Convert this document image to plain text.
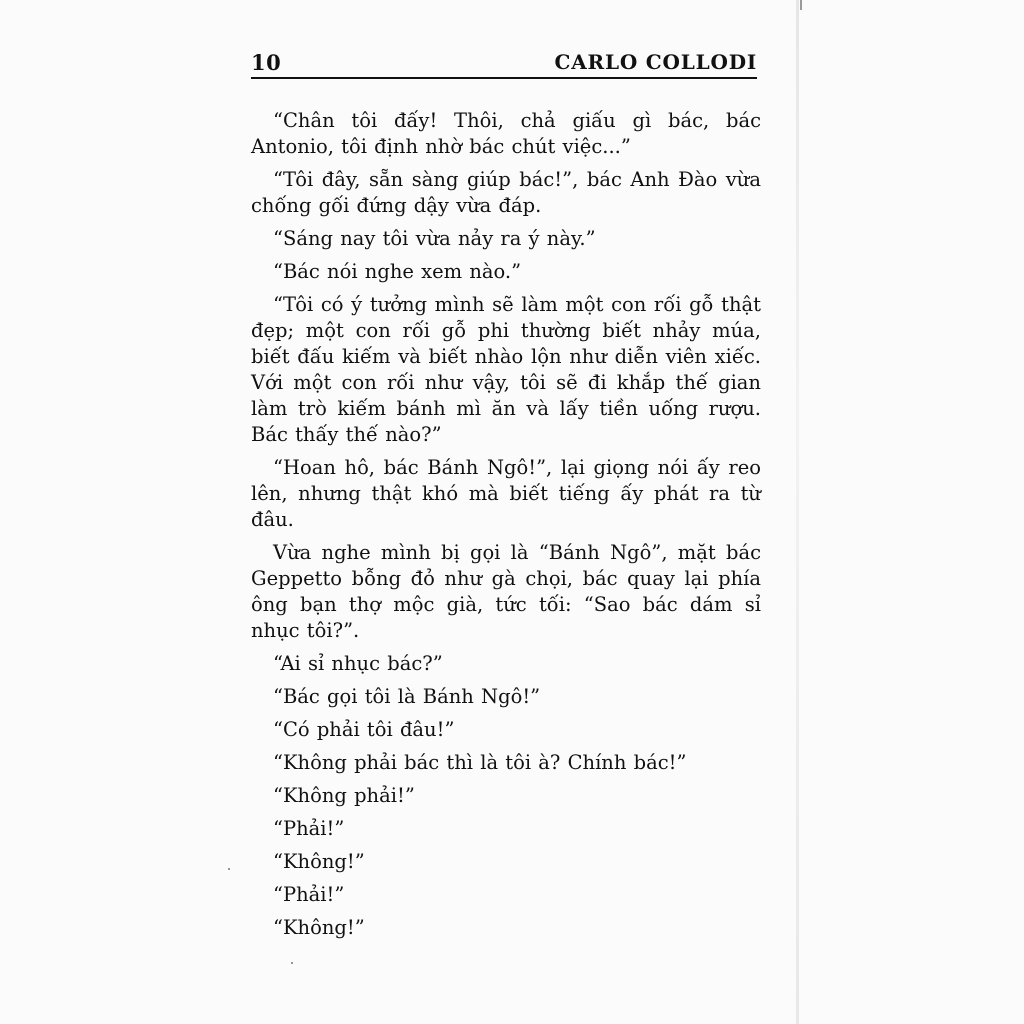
10	CARLO COLLODI

“Chân tôi đấy! Thôi, chả giấu gì bác, bác Antonio, tôi định nhờ bác chút việc...”

“Tôi đây, sẵn sàng giúp bác!”, bác Anh Đào vừa chống gối đứng dậy vừa đáp.

“Sáng nay tôi vừa nảy ra ý này.”

“Bác nói nghe xem nào.”

“Tôi có ý tưởng mình sẽ làm một con rối gỗ thật đẹp; một con rối gỗ phi thường biết nhảy múa, biết đấu kiếm và biết nhào lộn như diễn viên xiếc. Với một con rối như vậy, tôi sẽ đi khắp thế gian làm trò kiếm bánh mì ăn và lấy tiền uống rượu. Bác thấy thế nào?”

“Hoan hô, bác Bánh Ngô!”, lại giọng nói ấy reo lên, nhưng thật khó mà biết tiếng ấy phát ra từ đâu.

Vừa nghe mình bị gọi là “Bánh Ngô”, mặt bác Geppetto bỗng đỏ như gà chọi, bác quay lại phía ông bạn thợ mộc già, tức tối: “Sao bác dám sỉ nhục tôi?”.

“Ai sỉ nhục bác?”

“Bác gọi tôi là Bánh Ngô!”

“Có phải tôi đâu!”

“Không phải bác thì là tôi à? Chính bác!”

“Không phải!”

“Phải!”

“Không!”

“Phải!”

“Không!”
